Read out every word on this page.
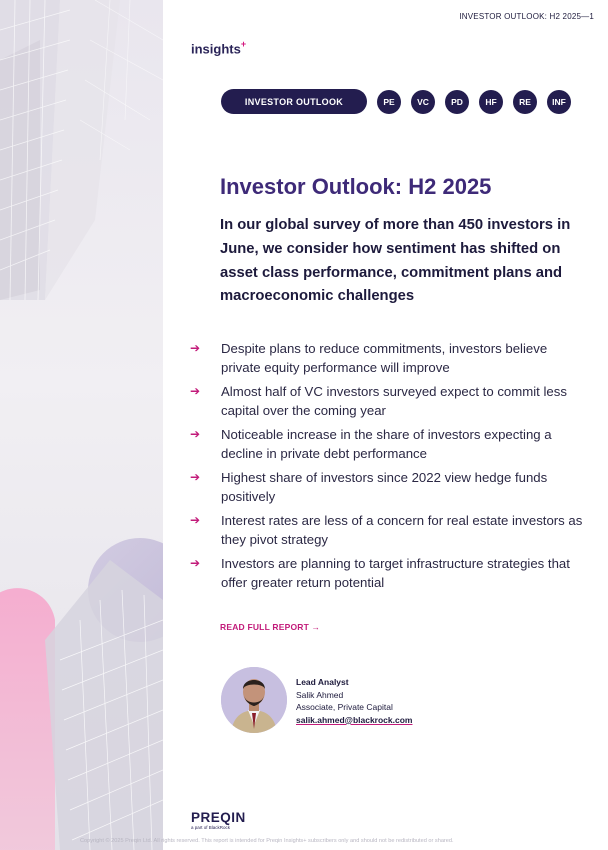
INVESTOR OUTLOOK: H2 2025—1
insights+
INVESTOR OUTLOOK	PE	VC	PD	HF	RE	INF
Investor Outlook: H2 2025

In our global survey of more than 450 investors in June, we consider how sentiment has shifted on asset class performance, commitment plans and macroeconomic challenges

➔ Despite plans to reduce commitments, investors believe private equity performance will improve
➔ Almost half of VC investors surveyed expect to commit less capital over the coming year
➔ Noticeable increase in the share of investors expecting a decline in private debt performance
➔ Highest share of investors since 2022 view hedge funds positively
➔ Interest rates are less of a concern for real estate investors as they pivot strategy
➔ Investors are planning to target infrastructure strategies that offer greater return potential
READ FULL REPORT →
Lead Analyst
Salik Ahmed
Associate, Private Capital
salik.ahmed@blackrock.com
PREQIN
a part of BlackRock
Copyright © 2025 Preqin Ltd. All rights reserved. This report is intended for Preqin Insights+ subscribers only and should not be redistributed or shared.
